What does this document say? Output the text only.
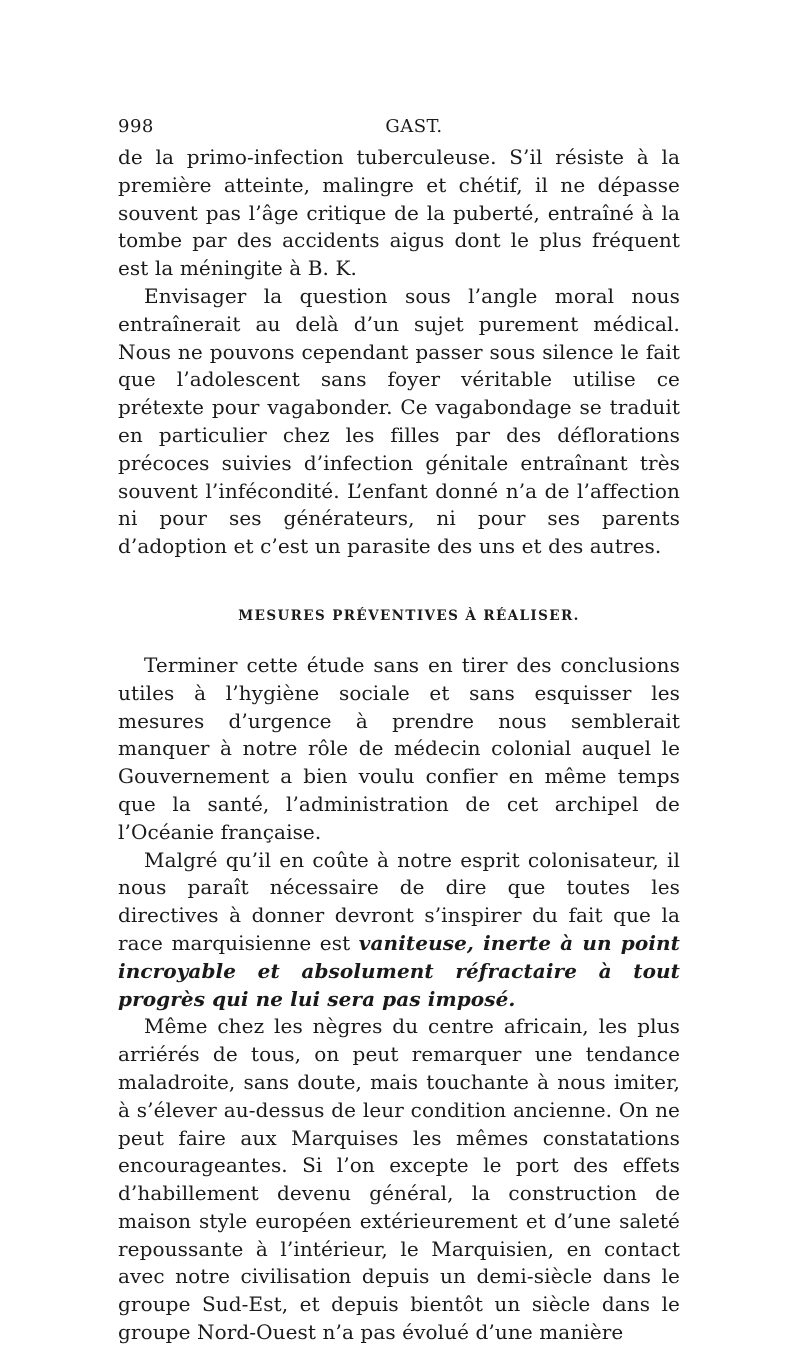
998	GAST.

de la primo-infection tuberculeuse. S’il résiste à la première atteinte, malingre et chétif, il ne dépasse souvent pas l’âge critique de la puberté, entraîné à la tombe par des accidents aigus dont le plus fréquent est la méningite à B. K.

Envisager la question sous l’angle moral nous entraînerait au delà d’un sujet purement médical. Nous ne pouvons cependant passer sous silence le fait que l’adolescent sans foyer véritable utilise ce prétexte pour vagabonder. Ce vagabondage se traduit en particulier chez les filles par des déflorations précoces suivies d’infection génitale entraînant très souvent l’infécondité. L’enfant donné n’a de l’affection ni pour ses générateurs, ni pour ses parents d’adoption et c’est un parasite des uns et des autres.

MESURES PRÉVENTIVES À RÉALISER.

Terminer cette étude sans en tirer des conclusions utiles à l’hygiène sociale et sans esquisser les mesures d’urgence à prendre nous semblerait manquer à notre rôle de médecin colonial auquel le Gouvernement a bien voulu confier en même temps que la santé, l’administration de cet archipel de l’Océanie française.

Malgré qu’il en coûte à notre esprit colonisateur, il nous paraît nécessaire de dire que toutes les directives à donner devront s’inspirer du fait que la race marquisienne est vaniteuse, inerte à un point incroyable et absolument réfractaire à tout progrès qui ne lui sera pas imposé.

Même chez les nègres du centre africain, les plus arriérés de tous, on peut remarquer une tendance maladroite, sans doute, mais touchante à nous imiter, à s’élever au-dessus de leur condition ancienne. On ne peut faire aux Marquises les mêmes constatations encourageantes. Si l’on excepte le port des effets d’habillement devenu général, la construction de maison style européen extérieurement et d’une saleté repoussante à l’intérieur, le Marquisien, en contact avec notre civilisation depuis un demi-siècle dans le groupe Sud-Est, et depuis bientôt un siècle dans le groupe Nord-Ouest n’a pas évolué d’une manière
